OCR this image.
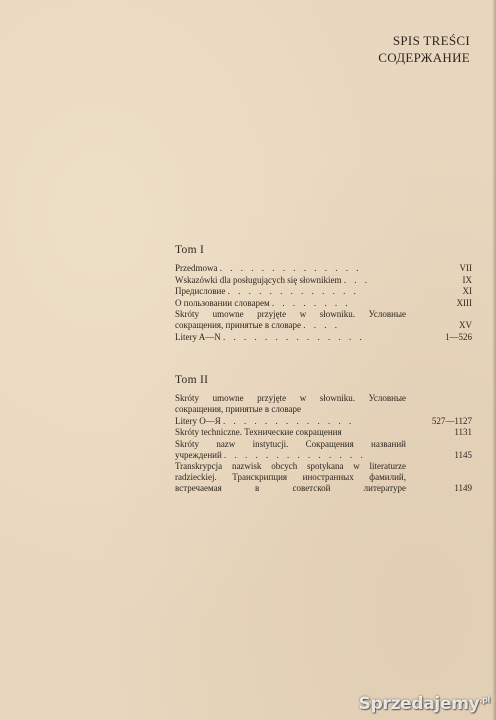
SPIS TREŚCI
СОДЕРЖАНИЕ
Tom I
Przedmowa . . . . . . . . . . . . . .	VII
Wskazówki dla posługujących się słownikiem . . .	IX
Предисловие . . . . . . . . . . . . .	XI
О пользовании словарем . . . . . . . .	XIII
Skróty umowne przyjęte w słowniku. Условные
сокращения, принятые в словаре . . . .	XV
Litery A—N . . . . . . . . . . . . . .	1—526
Tom II
Skróty umowne przyjęte w słowniku. Условные
сокращения, принятые в словаре
Litery O—Я . . . . . . . . . . . . .	527—1127
Skróty techniczne. Технические сокращения	1131
Skróty nazw instytucji. Сокращения названий
учреждений . . . . . . . . . . . . . .	1145
Transkrypcja nazwisk obcych spotykana w literaturze radzieckiej. Транскрипция иностранных фамилий, встречаемая в советской литературе	1149
Sprzedajemy$^{.pl}$
